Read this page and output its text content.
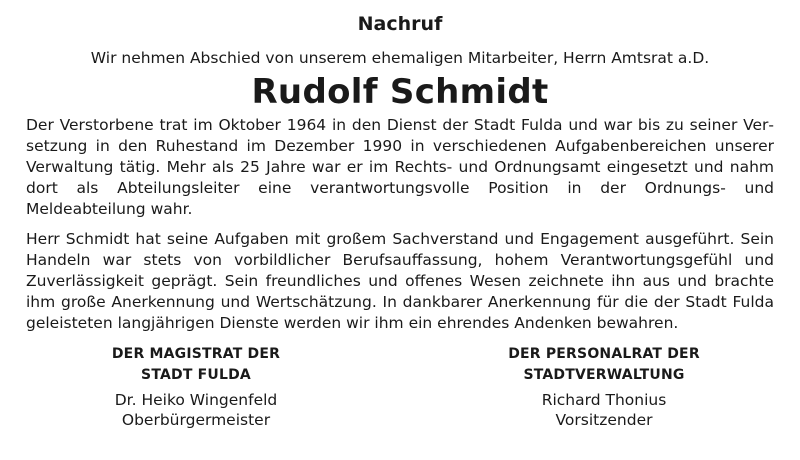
Nachruf

Wir nehmen Abschied von unserem ehemaligen Mitarbeiter, Herrn Amtsrat a.D.

Rudolf Schmidt

Der Verstorbene trat im Oktober 1964 in den Dienst der Stadt Fulda und war bis zu seiner Versetzung in den Ruhestand im Dezember 1990 in verschiedenen Aufgabenbereichen unserer Verwaltung tätig. Mehr als 25 Jahre war er im Rechts- und Ordnungsamt eingesetzt und nahm dort als Abteilungsleiter eine verantwortungsvolle Position in der Ordnungs- und Meldeabteilung wahr.

Herr Schmidt hat seine Aufgaben mit großem Sachverstand und Engagement ausgeführt. Sein Handeln war stets von vorbildlicher Berufsauffassung, hohem Verantwortungsgefühl und Zuverlässigkeit geprägt. Sein freundliches und offenes Wesen zeichnete ihn aus und brachte ihm große Anerkennung und Wertschätzung. In dankbarer Anerkennung für die der Stadt Fulda geleisteten langjährigen Dienste werden wir ihm ein ehrendes Andenken bewahren.

DER MAGISTRAT DER
STADT FULDA
Dr. Heiko Wingenfeld
Oberbürgermeister
DER PERSONALRAT DER
STADTVERWALTUNG
Richard Thonius
Vorsitzender
